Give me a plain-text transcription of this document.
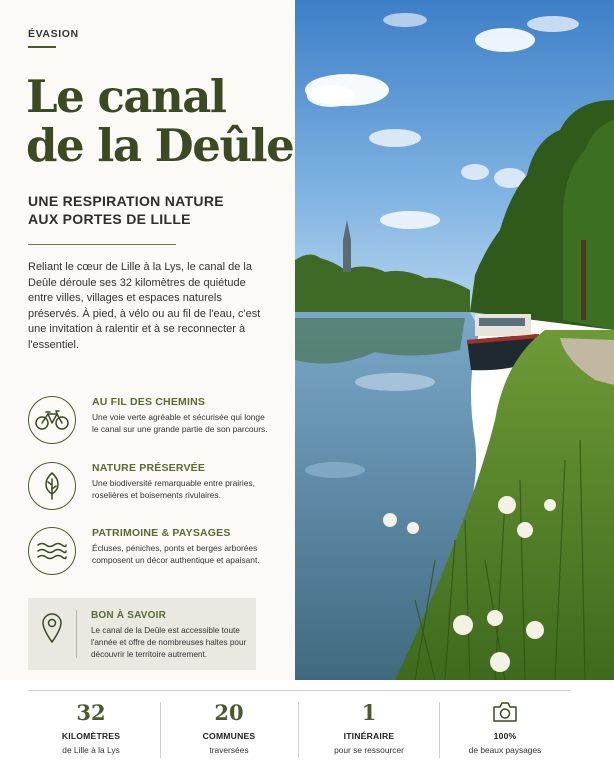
ÉVASION
Le canal
de la Deûle
UNE RESPIRATION NATURE
AUX PORTES DE LILLE

Reliant le cœur de Lille à la Lys, le canal de la Deûle déroule ses 32 kilomètres de quiétude entre villes, villages et espaces naturels préservés. À pied, à vélo ou au fil de l'eau, c'est une invitation à ralentir et à se reconnecter à l'essentiel.

AU FIL DES CHEMINS
Une voie verte agréable et sécurisée qui longe le canal sur une grande partie de son parcours.
NATURE PRÉSERVÉE
Une biodiversité remarquable entre prairies, roselières et boisements rivulaires.
PATRIMOINE & PAYSAGES
Écluses, péniches, ponts et berges arborées composent un décor authentique et apaisant.
BON À SAVOIR
Le canal de la Deûle est accessible toute l'année et offre de nombreuses haltes pour découvrir le territoire autrement.
32
KILOMÈTRES
de Lille à la Lys
20
COMMUNES
traversées
1
ITINÉRAIRE
pour se ressourcer
100%
de beaux paysages
